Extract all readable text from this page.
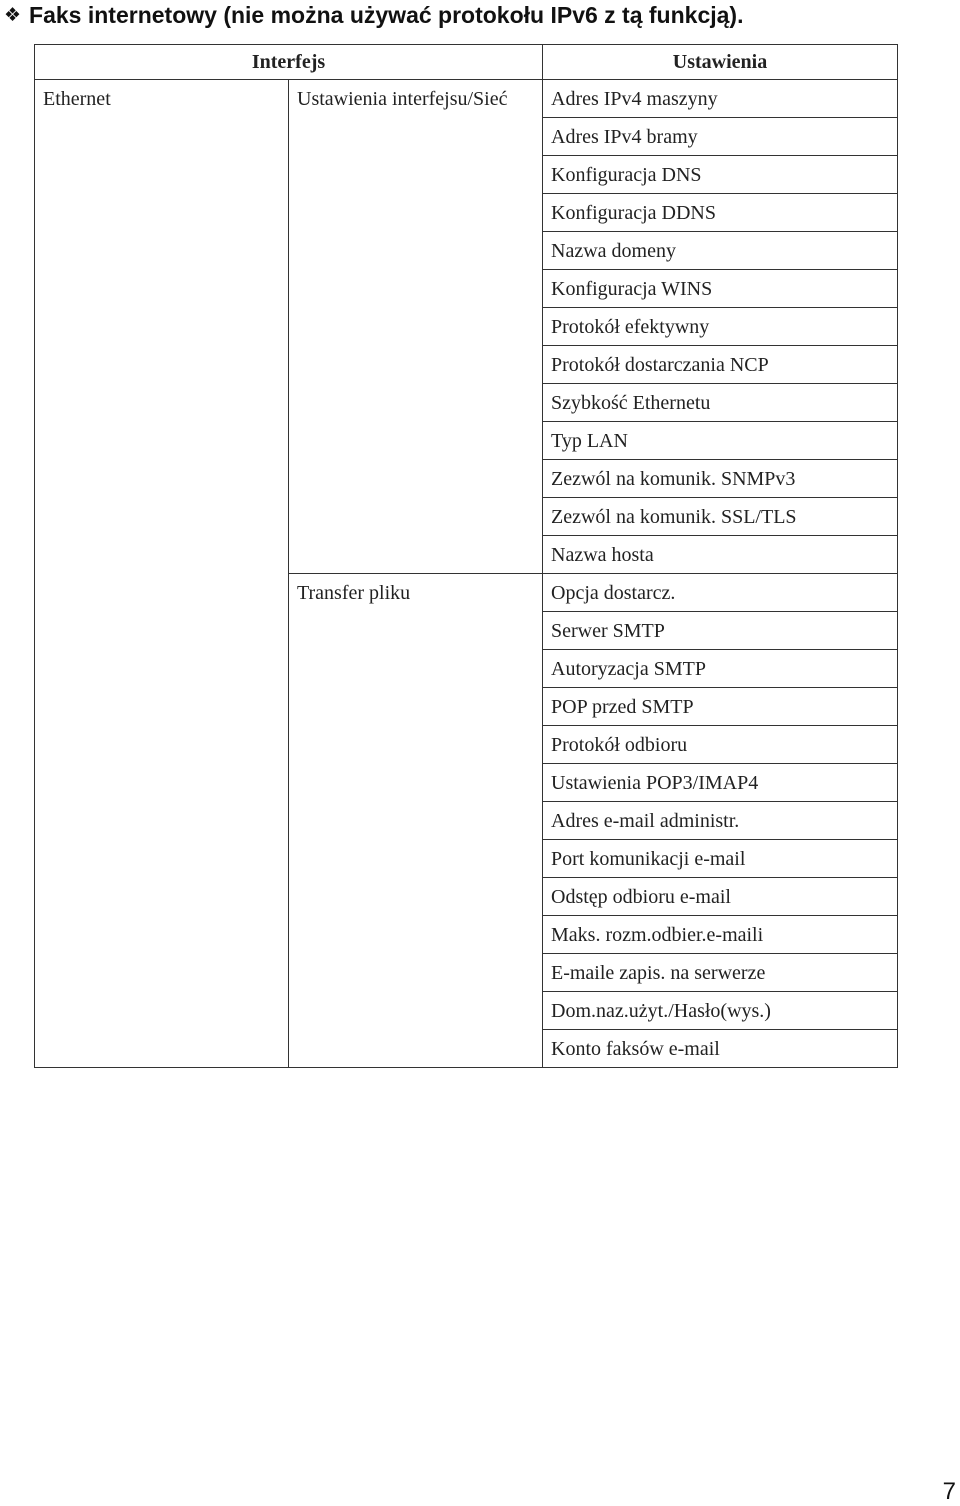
❖ Faks internetowy (nie można używać protokołu IPv6 z tą funkcją).
Interfejs		Ustawienia
Ethernet	Ustawienia interfejsu/Sieć	Adres IPv4 maszyny
		Adres IPv4 bramy
		Konfiguracja DNS
		Konfiguracja DDNS
		Nazwa domeny
		Konfiguracja WINS
		Protokół efektywny
		Protokół dostarczania NCP
		Szybkość Ethernetu
		Typ LAN
		Zezwól na komunik. SNMPv3
		Zezwól na komunik. SSL/TLS
		Nazwa hosta
	Transfer pliku	Opcja dostarcz.
		Serwer SMTP
		Autoryzacja SMTP
		POP przed SMTP
		Protokół odbioru
		Ustawienia POP3/IMAP4
		Adres e-mail administr.
		Port komunikacji e-mail
		Odstęp odbioru e-mail
		Maks. rozm.odbier.e-maili
		E-maile zapis. na serwerze
		Dom.naz.użyt./Hasło(wys.)
		Konto faksów e-mail
7
